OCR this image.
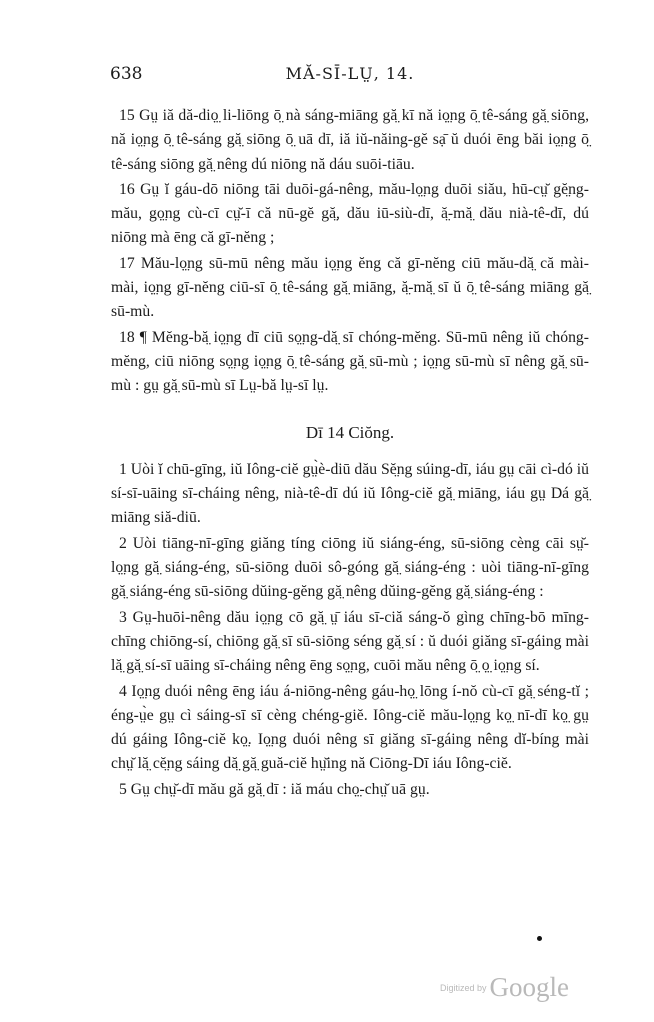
638	MĂ-SĪ-LṲ, 14.

15 Gṳ iă dă-diọ̤ li-liōng ō̤ nà sáng-miāng gă̤ kī nă iọ̤ng ō̤ tê-sáng gă̤ siōng, nă iọ̤ng ō̤ tê-sáng gă̤ siōng ō̤ uā dī, iă iŭ-năing-gĕ sạ̄ ŭ duói ēng băi iọ̤ng ō̤ tê-sáng siōng gă̤ nêng dú niōng nă dáu suōi-tiāu.

16 Gṳ ĭ gáu-dō niōng tāi duōi-gá-nêng, mău-lọ̤ng duōi siău, hū-cṳ̆ gĕ̤ng-mău, gọ̤ng cù-cī cṳ̆-ī că nū-gĕ gă̤, dău iū-siù-dī, ă̤-mă̤ dău nià-tê-dī, dú niōng mà ēng că gī-nĕng ;

17 Mău-lọ̤ng sū-mū nêng mău iọ̤ng ĕng că gī-nĕng ciū mău-dă̤ că mài-mài, iọ̤ng gī-nĕng ciū-sī ō̤ tê-sáng gă̤ miāng, ă̤-mă̤ sī ŭ ō̤ tê-sáng miāng gă̤ sū-mù.

18 ¶ Mĕng-bă̤ iọ̤ng dī ciū sọ̤ng-dă̤ sī chóng-mĕng. Sū-mū nêng iŭ chóng-mĕng, ciū niōng sọ̤ng iọ̤ng ō̤ tê-sáng gă̤ sū-mù ; iọ̤ng sū-mù sī nêng gă̤ sū-mù : gṳ gă̤ sū-mù sī Lṳ-bă lṳ-sī lṳ.

Dī 14 Ciŏng.

1 Uòi ĭ chū-gīng, iŭ Iông-ciĕ gṳ̀è-diū dău Sĕ̤ng súing-dī, iáu gṳ cāi cì-dó iŭ sí-sī-uāing sī-cháing nêng, nià-tê-dī dú iŭ Iông-ciĕ gă̤ miāng, iáu gṳ Dá gă̤ miāng siă-diū.

2 Uòi tiāng-nī-gīng giăng tíng ciōng iŭ siáng-éng, sū-siōng cèng cāi sṳ̆-lọ̤ng gă̤ siáng-éng, sū-siōng duōi sô-góng gă̤ siáng-éng : uòi tiāng-nī-gīng gă̤ siáng-éng sū-siōng dŭing-gĕng gă̤ nêng dŭing-gĕng gă̤ siáng-éng :

3 Gṳ-huōi-nêng dău iọ̤ng cō gă̤ ṳ̄ iáu sī-ciă sáng-ŏ gìng chīng-bō mīng-chīng chiōng-sí, chiōng gă̤ sī sū-siōng séng gă̤ sí : ŭ duói giăng sī-gáing mài lă̤ gă̤ sí-sī uāing sī-cháing nêng ēng sọ̤ng, cuōi mău nêng ō̤ ọ̤ iọ̤ng sí.

4 Iọ̤ng duói nêng ēng iáu á-niōng-nêng gáu-họ̤ lōng í-nŏ cù-cī gă̤ séng-tĭ ; éng-ṳ̀e gṳ cì sáing-sī sī cèng chéng-giĕ. Iông-ciĕ mău-lọ̤ng kọ̤ nī-dī kọ̤ gṳ dú gáing Iông-ciĕ kọ̤. Iọ̤ng duói nêng sī giăng sī-gáing nêng dĭ-bíng mài chṳ̆ lă̤ cĕ̤ng sáing dă̤ gă̤ guă-ciĕ hṳ̆ing nă Ciōng-Dī iáu Iông-ciĕ.

5 Gṳ chṳ̆-dī mău gă gă̤ dī : iă máu chọ̤-chṳ̆ uā gṳ.

Digitized by Google
